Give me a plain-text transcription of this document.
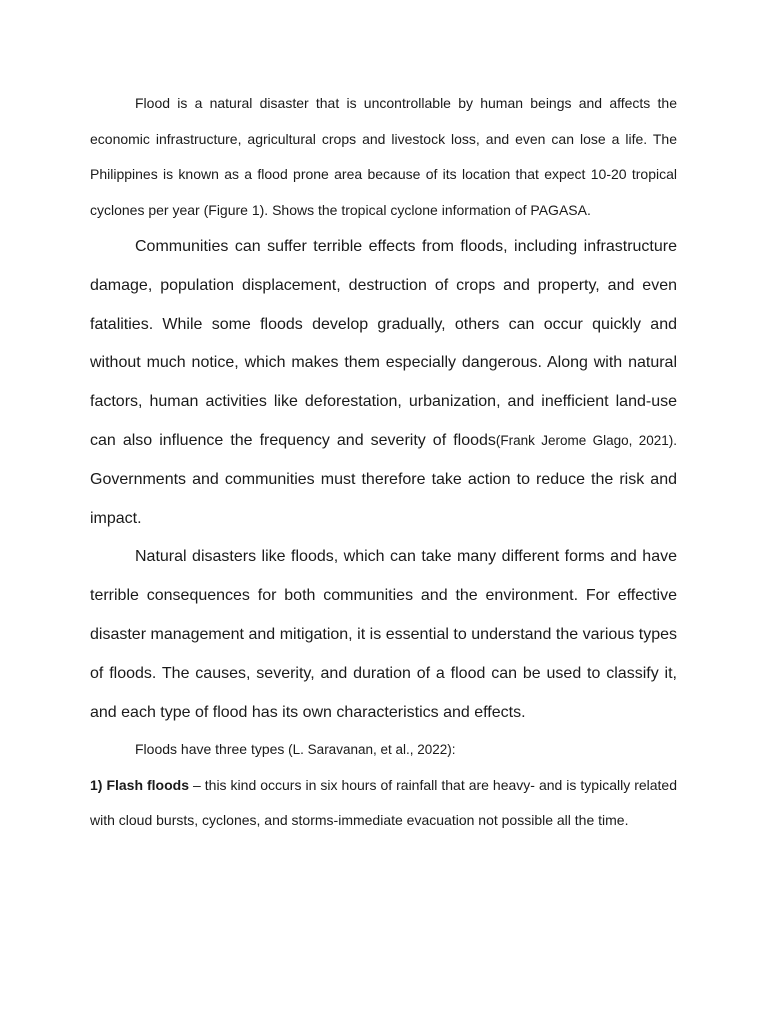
Flood is a natural disaster that is uncontrollable by human beings and affects the economic infrastructure, agricultural crops and livestock loss, and even can lose a life. The Philippines is known as a flood prone area because of its location that expect 10-20 tropical cyclones per year (Figure 1). Shows the tropical cyclone information of PAGASA.

Communities can suffer terrible effects from floods, including infrastructure damage, population displacement, destruction of crops and property, and even fatalities. While some floods develop gradually, others can occur quickly and without much notice, which makes them especially dangerous. Along with natural factors, human activities like deforestation, urbanization, and inefficient land-use can also influence the frequency and severity of floods(Frank Jerome Glago, 2021). Governments and communities must therefore take action to reduce the risk and impact.

Natural disasters like floods, which can take many different forms and have terrible consequences for both communities and the environment. For effective disaster management and mitigation, it is essential to understand the various types of floods. The causes, severity, and duration of a flood can be used to classify it, and each type of flood has its own characteristics and effects.

Floods have three types (L. Saravanan, et al., 2022):

1) Flash floods – this kind occurs in six hours of rainfall that are heavy- and is typically related with cloud bursts, cyclones, and storms-immediate evacuation not possible all the time.
